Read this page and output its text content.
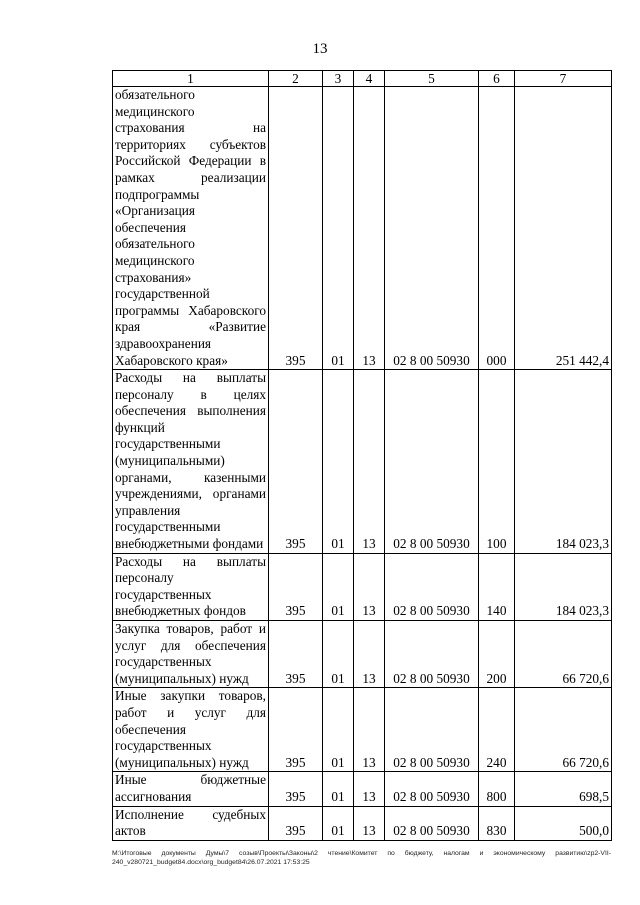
13
1	2	3	4	5	6	7
обязательного медицинского страхования на территориях субъектов Российской Федерации в рамках реализации подпрограммы «Организация обеспечения обязательного медицинского страхования» государственной программы Хабаровского края «Развитие здравоохранения Хабаровского края»	395	01	13	02 8 00 50930	000	251 442,4
Расходы на выплаты персоналу в целях обеспечения выполнения функций государственными (муниципальными) органами, казенными учреждениями, органами управления государственными внебюджетными фондами	395	01	13	02 8 00 50930	100	184 023,3
Расходы на выплаты персоналу государственных внебюджетных фондов	395	01	13	02 8 00 50930	140	184 023,3
Закупка товаров, работ и услуг для обеспечения государственных (муниципальных) нужд	395	01	13	02 8 00 50930	200	66 720,6
Иные закупки товаров, работ и услуг для обеспечения государственных (муниципальных) нужд	395	01	13	02 8 00 50930	240	66 720,6
Иные бюджетные ассигнования	395	01	13	02 8 00 50930	800	698,5
Исполнение судебных актов	395	01	13	02 8 00 50930	830	500,0
M:\Итоговые документы Думы\7 созыв\Проекты\Законы\2 чтение\Комитет по бюджету, налогам и экономическому развитию\zp2-VII-240_v280721_budget84.docx\org_budget84\26.07.2021 17:53:25
